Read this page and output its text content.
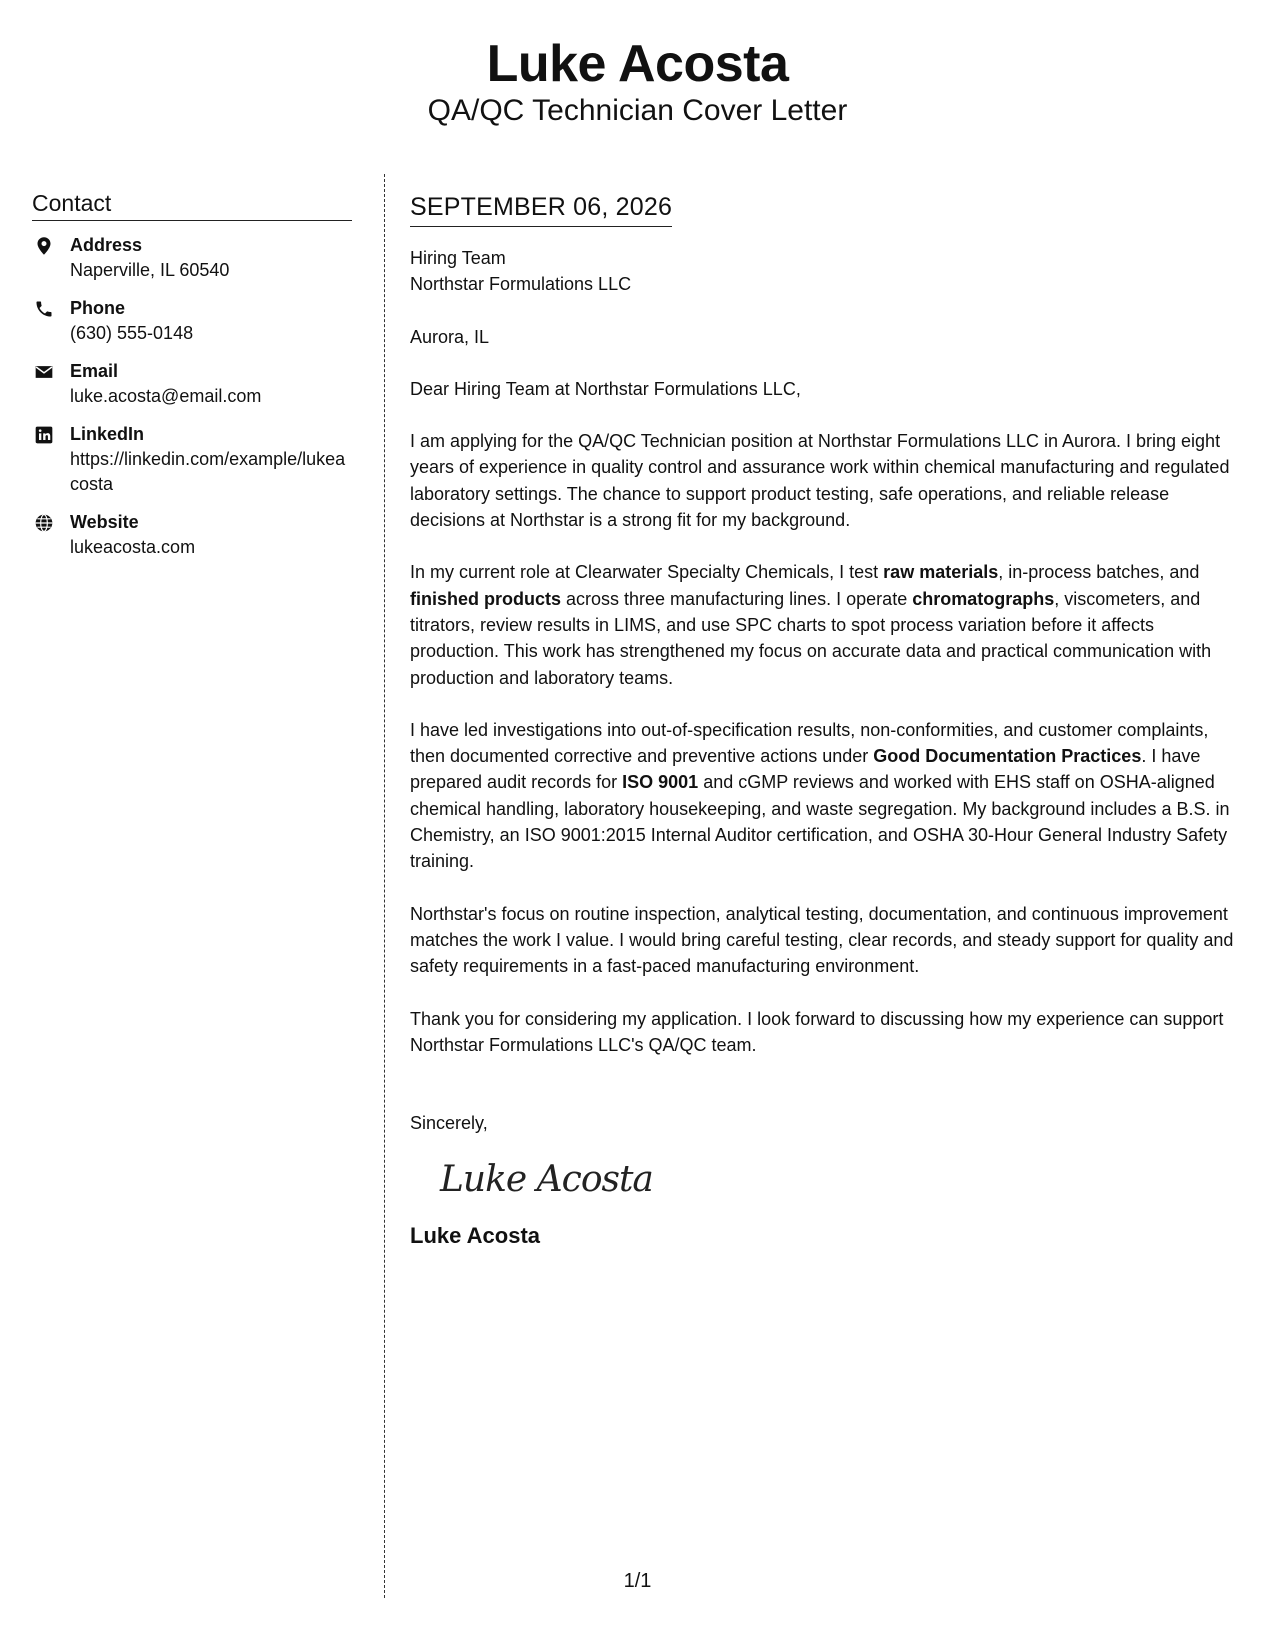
Luke Acosta
QA/QC Technician Cover Letter
Contact
Address
Naperville, IL 60540
Phone
(630) 555-0148
Email
luke.acosta@email.com
LinkedIn
https://linkedin.com/example/lukeacosta
Website
lukeacosta.com
SEPTEMBER 06, 2026
Hiring Team
Northstar Formulations LLC
Aurora, IL
Dear Hiring Team at Northstar Formulations LLC,
I am applying for the QA/QC Technician position at Northstar Formulations LLC in Aurora. I bring eight years of experience in quality control and assurance work within chemical manufacturing and regulated laboratory settings. The chance to support product testing, safe operations, and reliable release decisions at Northstar is a strong fit for my background.
In my current role at Clearwater Specialty Chemicals, I test raw materials, in-process batches, and finished products across three manufacturing lines. I operate chromatographs, viscometers, and titrators, review results in LIMS, and use SPC charts to spot process variation before it affects production. This work has strengthened my focus on accurate data and practical communication with production and laboratory teams.
I have led investigations into out-of-specification results, non-conformities, and customer complaints, then documented corrective and preventive actions under Good Documentation Practices. I have prepared audit records for ISO 9001 and cGMP reviews and worked with EHS staff on OSHA-aligned chemical handling, laboratory housekeeping, and waste segregation. My background includes a B.S. in Chemistry, an ISO 9001:2015 Internal Auditor certification, and OSHA 30-Hour General Industry Safety training.
Northstar's focus on routine inspection, analytical testing, documentation, and continuous improvement matches the work I value. I would bring careful testing, clear records, and steady support for quality and safety requirements in a fast-paced manufacturing environment.
Thank you for considering my application. I look forward to discussing how my experience can support Northstar Formulations LLC's QA/QC team.
Sincerely,
Luke Acosta
Luke Acosta
1/1
